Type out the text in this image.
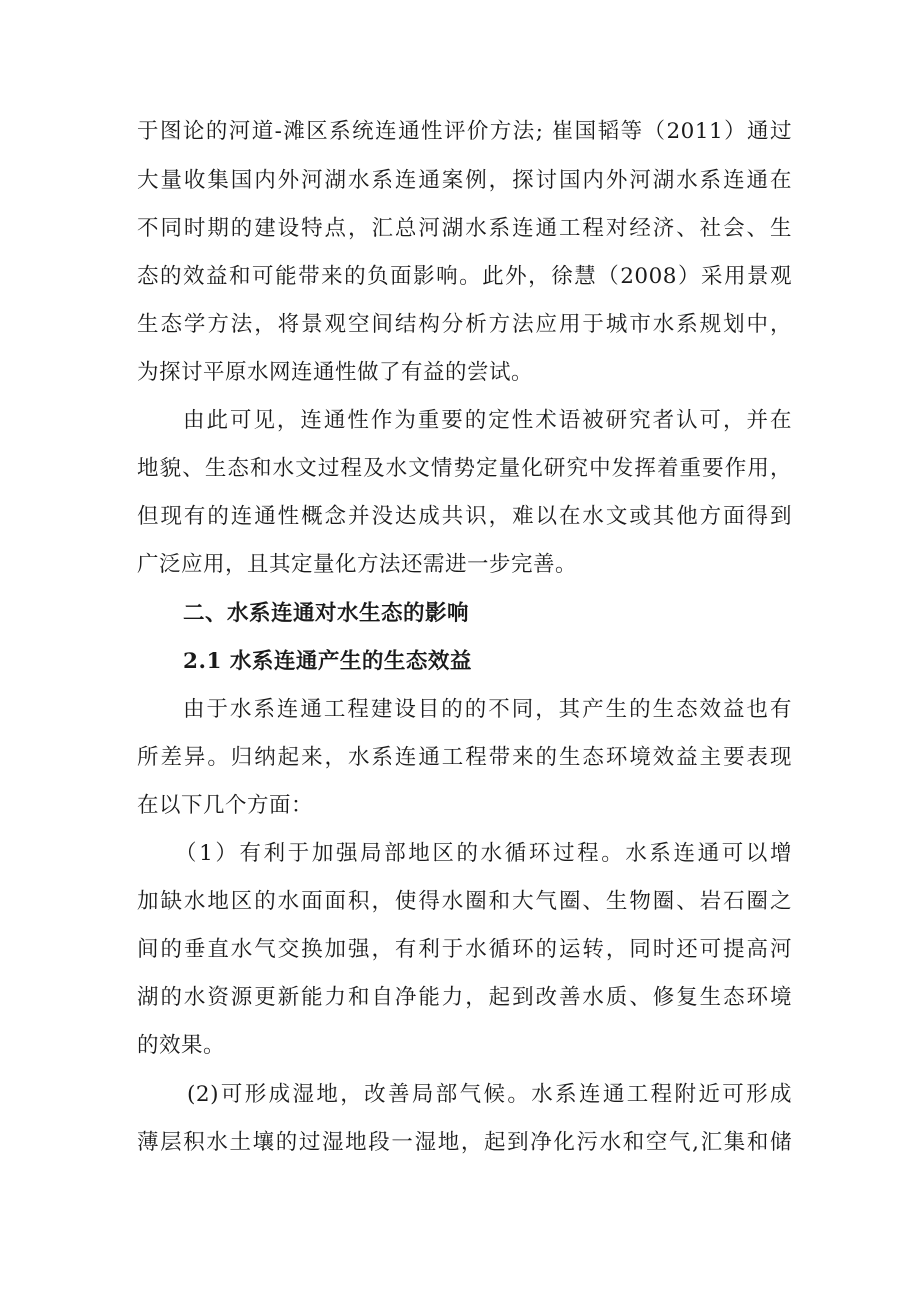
于图论的河道-滩区系统连通性评价方法; 崔国韬等（2011）通过
大量收集国内外河湖水系连通案例，探讨国内外河湖水系连通在
不同时期的建设特点，汇总河湖水系连通工程对经济、社会、生
态的效益和可能带来的负面影响。此外，徐慧（2008）采用景观
生态学方法，将景观空间结构分析方法应用于城市水系规划中，
为探讨平原水网连通性做了有益的尝试。
由此可见，连通性作为重要的定性术语被研究者认可，并在
地貌、生态和水文过程及水文情势定量化研究中发挥着重要作用，
但现有的连通性概念并没达成共识，难以在水文或其他方面得到
广泛应用，且其定量化方法还需进一步完善。
二、水系连通对水生态的影响
2.1 水系连通产生的生态效益
由于水系连通工程建设目的的不同，其产生的生态效益也有
所差异。归纳起来，水系连通工程带来的生态环境效益主要表现
在以下几个方面：
（1）有利于加强局部地区的水循环过程。水系连通可以增
加缺水地区的水面面积，使得水圈和大气圈、生物圈、岩石圈之
间的垂直水气交换加强，有利于水循环的运转，同时还可提高河
湖的水资源更新能力和自净能力，起到改善水质、修复生态环境
的效果。
(2)可形成湿地，改善局部气候。水系连通工程附近可形成
薄层积水土壤的过湿地段一湿地，起到净化污水和空气,汇集和储
